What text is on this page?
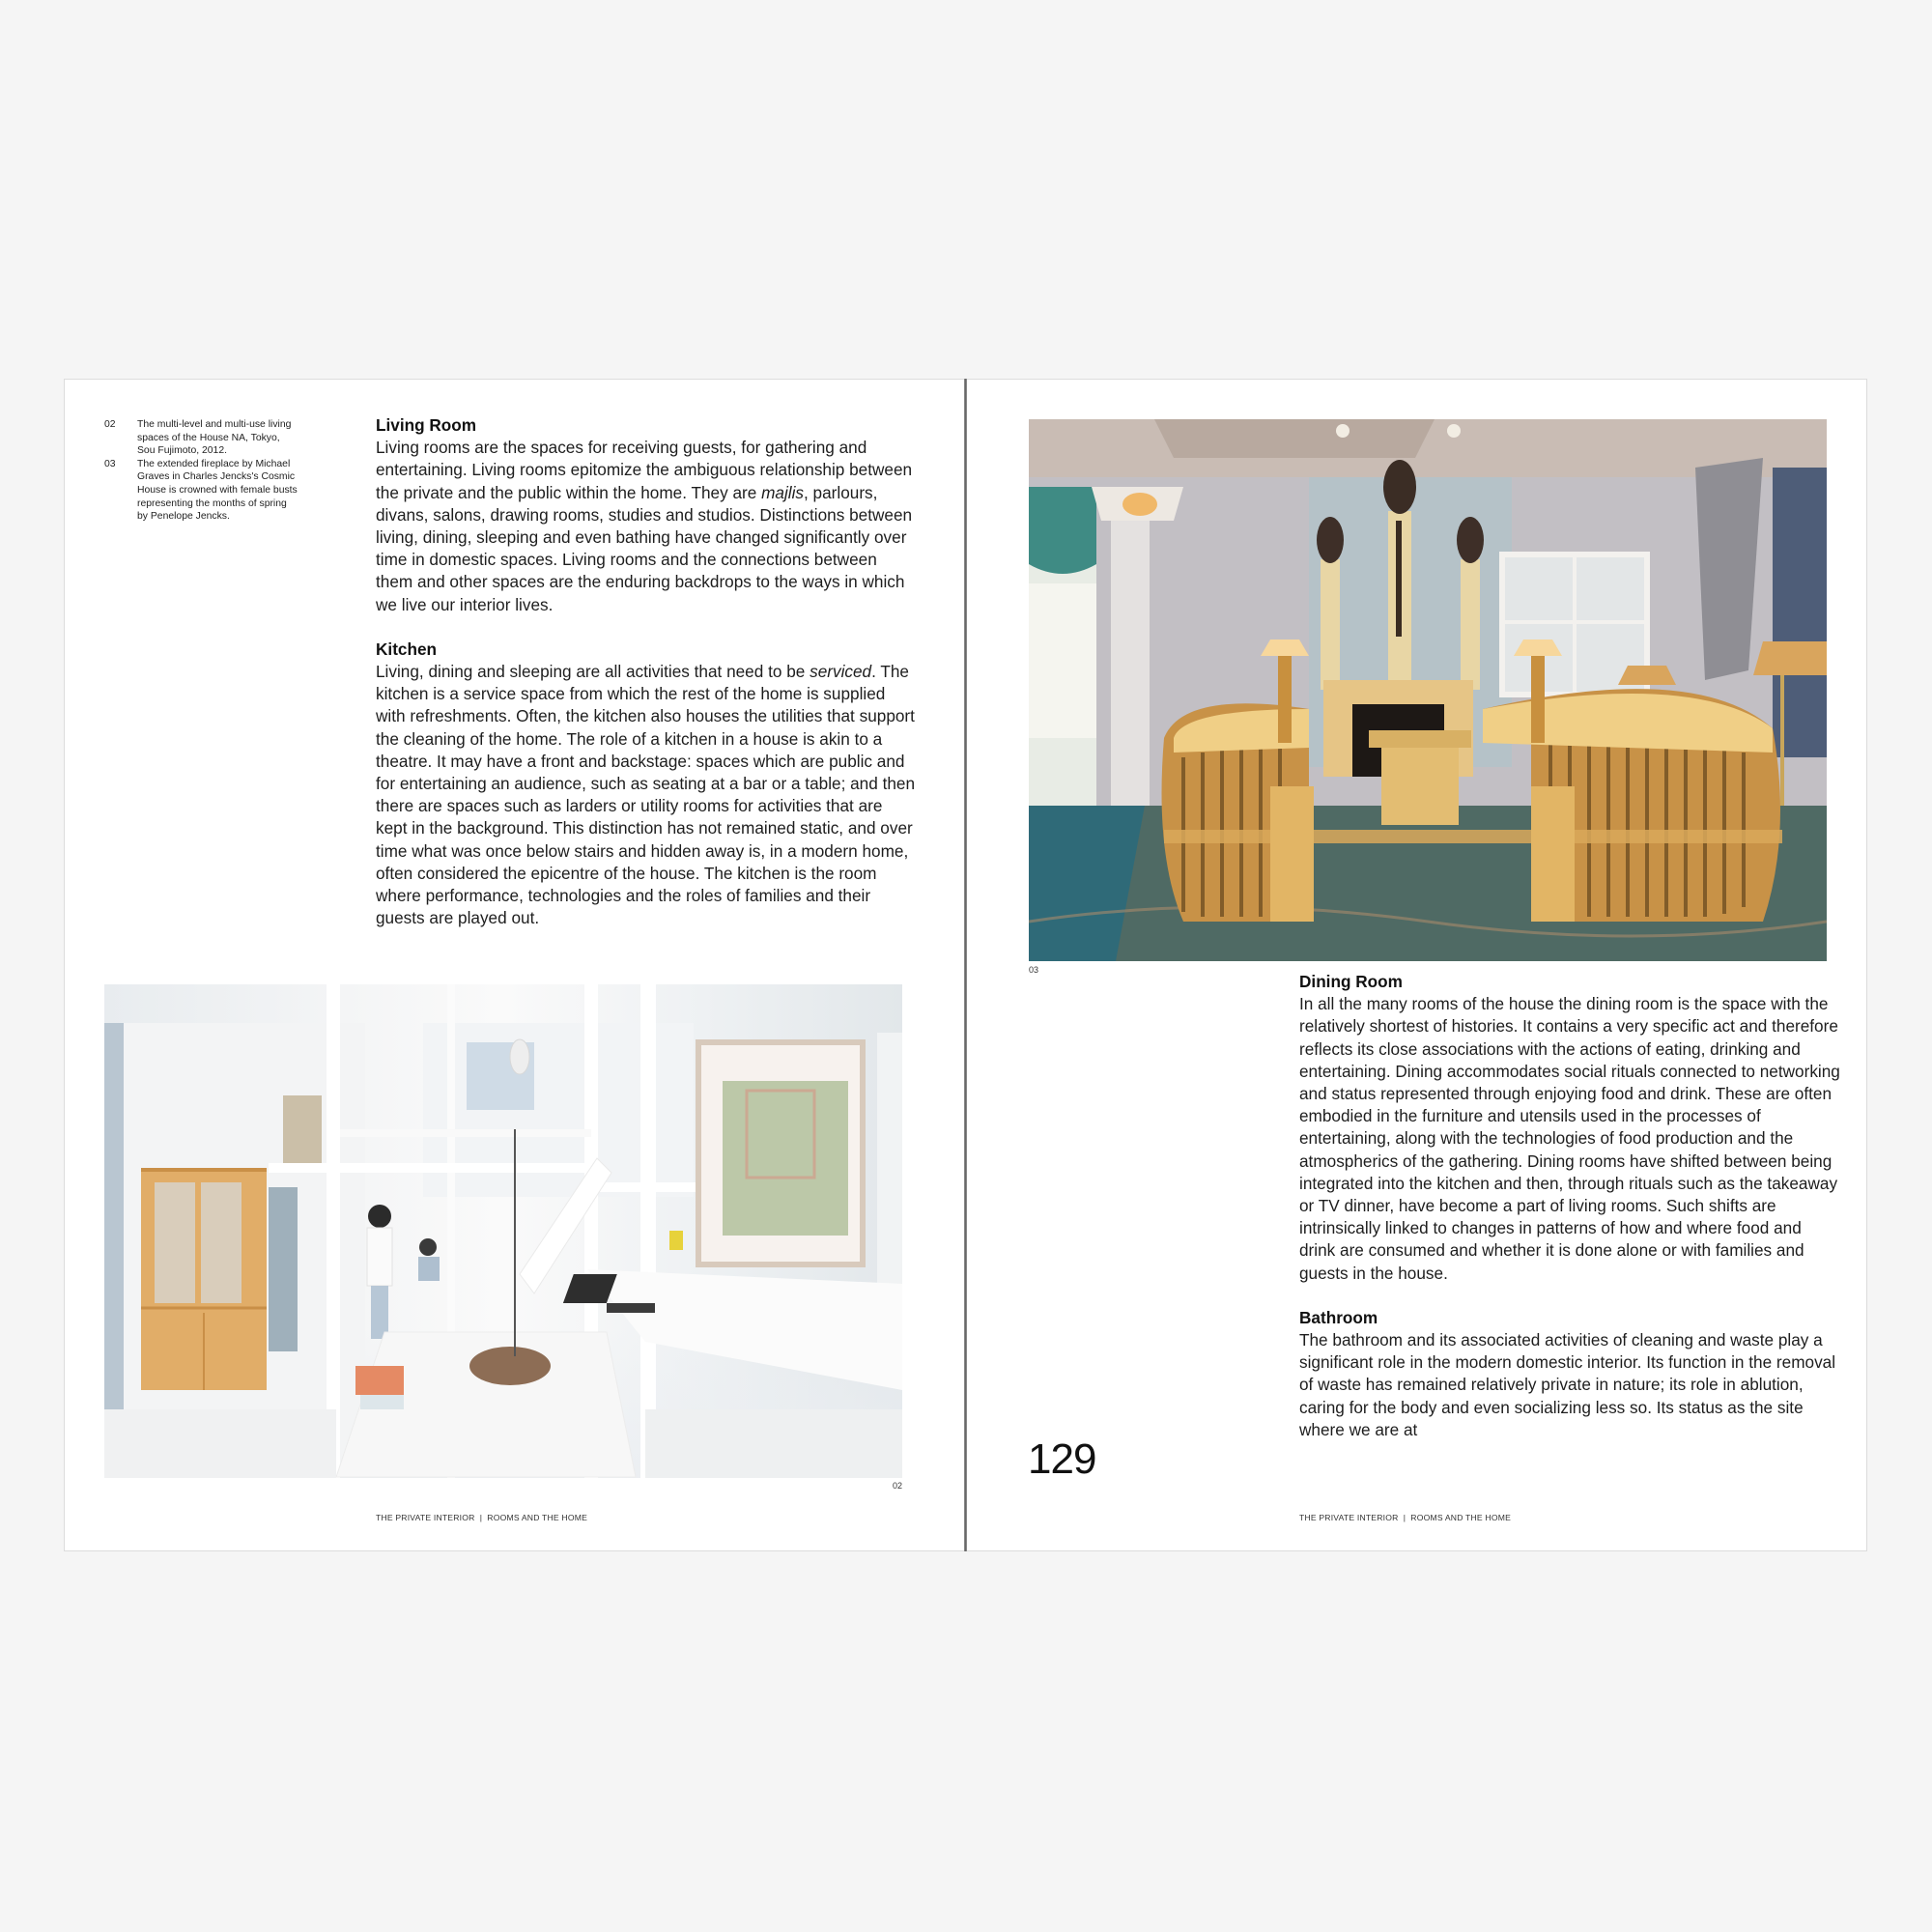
02	The multi-level and multi-use living spaces of the House NA, Tokyo, Sou Fujimoto, 2012.
03	The extended fireplace by Michael Graves in Charles Jencks's Cosmic House is crowned with female busts representing the months of spring by Penelope Jencks.
Living Room

Living rooms are the spaces for receiving guests, for gathering and entertaining. Living rooms epitomize the ambiguous relationship between the private and the public within the home. They are majlis, parlours, divans, salons, drawing rooms, studies and studios. Distinctions between living, dining, sleeping and even bathing have changed significantly over time in domestic spaces. Living rooms and the connections between them and other spaces are the enduring backdrops to the ways in which we live our interior lives.

Kitchen

Living, dining and sleeping are all activities that need to be serviced. The kitchen is a service space from which the rest of the home is supplied with refreshments. Often, the kitchen also houses the utilities that support the cleaning of the home. The role of a kitchen in a house is akin to a theatre. It may have a front and backstage: spaces which are public and for entertaining an audience, such as seating at a bar or a table; and then there are spaces such as larders or utility rooms for activities that are kept in the background. This distinction has not remained static, and over time what was once below stairs and hidden away is, in a modern home, often considered the epicentre of the house. The kitchen is the room where performance, technologies and the roles of families and their guests are played out.

02
THE PRIVATE INTERIOR  |  ROOMS AND THE HOME
03
Dining Room

In all the many rooms of the house the dining room is the space with the relatively shortest of histories. It contains a very specific act and therefore reflects its close associations with the actions of eating, drinking and entertaining. Dining accommodates social rituals connected to networking and status represented through enjoying food and drink. These are often embodied in the furniture and utensils used in the processes of entertaining, along with the technologies of food production and the atmospherics of the gathering. Dining rooms have shifted between being integrated into the kitchen and then, through rituals such as the takeaway or TV dinner, have become a part of living rooms. Such shifts are intrinsically linked to changes in patterns of how and where food and drink are consumed and whether it is done alone or with families and guests in the house.

Bathroom

The bathroom and its associated activities of cleaning and waste play a significant role in the modern domestic interior. Its function in the removal of waste has remained relatively private in nature; its role in ablution, caring for the body and even socializing less so. Its status as the site where we are at

129
THE PRIVATE INTERIOR  |  ROOMS AND THE HOME
